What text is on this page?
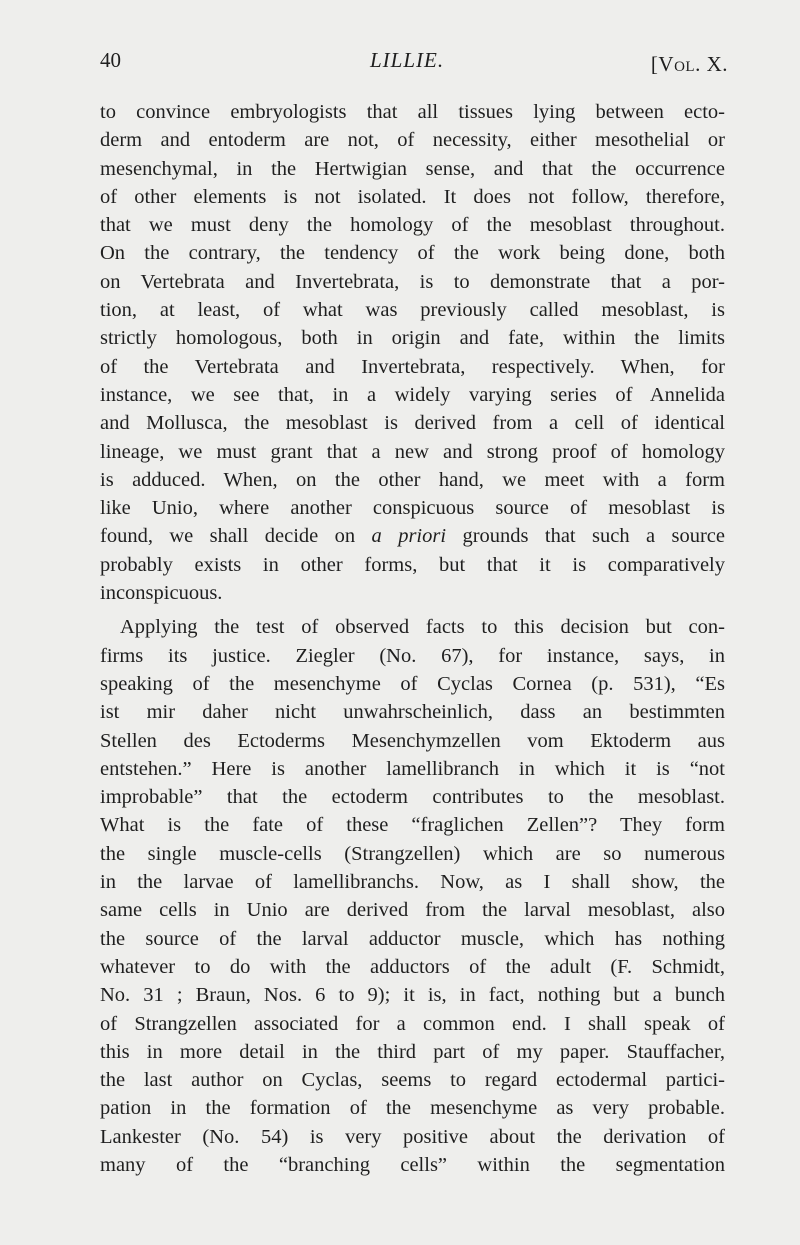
40	LILLIE.	[Vol. X.
to convince embryologists that all tissues lying between ecto-
derm and entoderm are not, of necessity, either mesothelial or
mesenchymal, in the Hertwigian sense, and that the occurrence
of other elements is not isolated. It does not follow, therefore,
that we must deny the homology of the mesoblast throughout.
On the contrary, the tendency of the work being done, both
on Vertebrata and Invertebrata, is to demonstrate that a por-
tion, at least, of what was previously called mesoblast, is
strictly homologous, both in origin and fate, within the limits
of the Vertebrata and Invertebrata, respectively. When, for
instance, we see that, in a widely varying series of Annelida
and Mollusca, the mesoblast is derived from a cell of identical
lineage, we must grant that a new and strong proof of homology
is adduced. When, on the other hand, we meet with a form
like Unio, where another conspicuous source of mesoblast is
found, we shall decide on a priori grounds that such a source
probably exists in other forms, but that it is comparatively
inconspicuous.
Applying the test of observed facts to this decision but con-
firms its justice. Ziegler (No. 67), for instance, says, in
speaking of the mesenchyme of Cyclas Cornea (p. 531), “Es
ist mir daher nicht unwahrscheinlich, dass an bestimmten
Stellen des Ectoderms Mesenchymzellen vom Ektoderm aus
entstehen.” Here is another lamellibranch in which it is “not
improbable” that the ectoderm contributes to the mesoblast.
What is the fate of these “fraglichen Zellen”? They form
the single muscle-cells (Strangzellen) which are so numerous
in the larvae of lamellibranchs. Now, as I shall show, the
same cells in Unio are derived from the larval mesoblast, also
the source of the larval adductor muscle, which has nothing
whatever to do with the adductors of the adult (F. Schmidt,
No. 31 ; Braun, Nos. 6 to 9); it is, in fact, nothing but a bunch
of Strangzellen associated for a common end. I shall speak of
this in more detail in the third part of my paper. Stauffacher,
the last author on Cyclas, seems to regard ectodermal partici-
pation in the formation of the mesenchyme as very probable.
Lankester (No. 54) is very positive about the derivation of
many of the “branching cells” within the segmentation
